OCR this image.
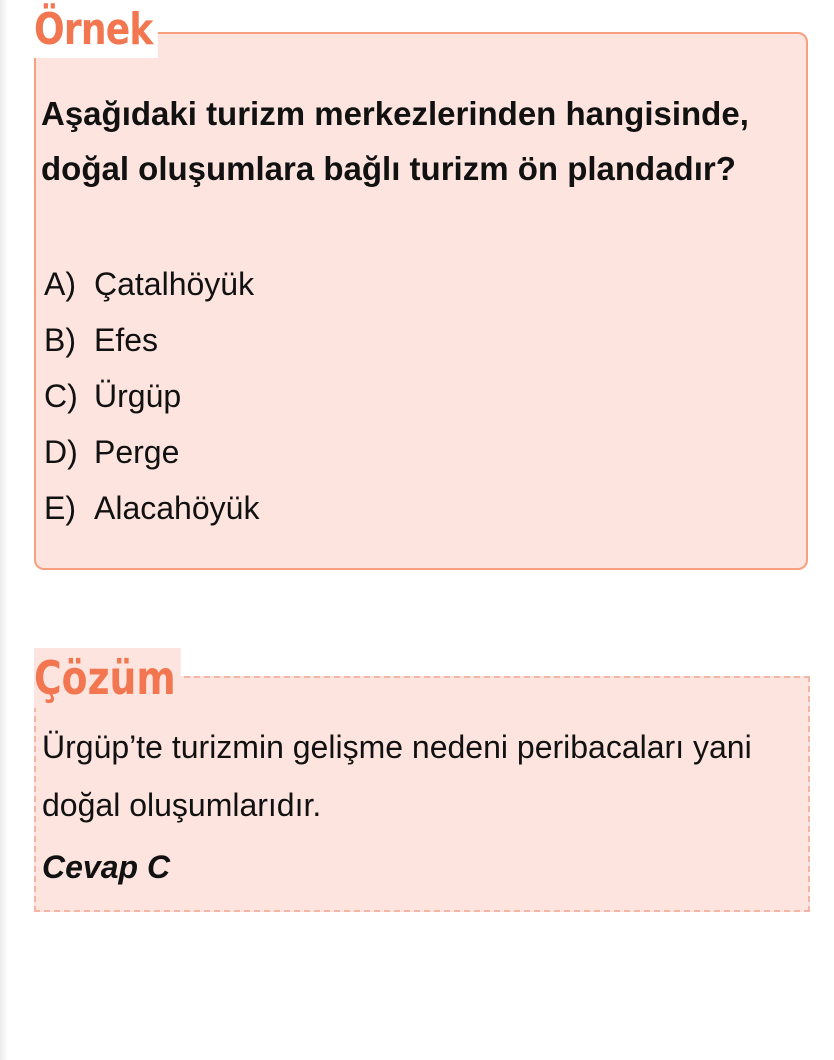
Örnek

Aşağıdaki turizm merkezlerinden hangisinde, doğal oluşumlara bağlı turizm ön plandadır?

A) Çatalhöyük
B) Efes
C) Ürgüp
D) Perge
E) Alacahöyük
Çözüm

Ürgüp’te turizmin gelişme nedeni peribacaları yani doğal oluşumlarıdır.

Cevap C
